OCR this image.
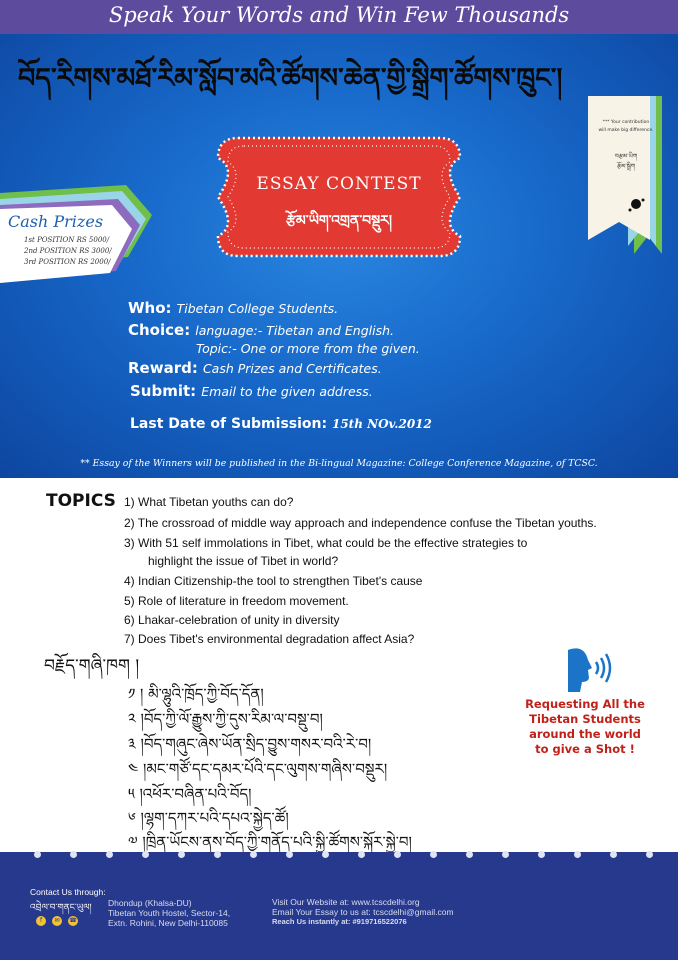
Speak Your Words and Win Few Thousands
བོད་རིགས་མཐོ་རིམ་སློབ་མའི་ཚོགས་ཆེན་གྱི་སྒྲིག་ཚོགས་ཁྲུང་།
*** Your contribution
will make big difference.
བརྩམ་ཡིག
རྩོམ་སྒྲིག
ESSAY CONTEST
རྩོམ་ཡིག་འགྲན་བསྡུར།
Cash Prizes
1st POSITION RS 5000/
2nd POSITION RS 3000/
3rd POSITION RS 2000/
Who: Tibetan College Students.
Choice: language:- Tibetan and English.
Topic:- One or more from the given.
Reward: Cash Prizes and Certificates.
Submit: Email to the given address.
Last Date of Submission: 15th NOv.2012
** Essay of the Winners will be published in the Bi-lingual Magazine: College Conference Magazine, of TCSC.
TOPICS 1) What Tibetan youths can do?
2) The crossroad of middle way approach and independence confuse the Tibetan youths.
3) With 51 self immolations in Tibet, what could be the effective strategies to
highlight the issue of Tibet in world?
4) Indian Citizenship-the tool to strengthen Tibet's cause
5) Role of literature in freedom movement.
6) Lhakar-celebration of unity in diversity
7) Does Tibet's environmental degradation affect Asia?
བརྗོད་གཞི་ཁག །
༡ ། མི་ལྷུའི་ཁྲོད་ཀྱི་བོད་དོན།
༢ །བོད་ཀྱི་ལོ་རྒྱུས་ཀྱི་དུས་རིམ་ལ་བསྡུ་བ།
༣ །བོད་གཞུང་ཞེས་ཡོན་སྲིད་བྱུས་གསར་བའི་རེ་བ།
༤ །མང་གཙོ་དང་དམར་པོའི་དང་ལུགས་གཞིས་བསྡུར།
༥ །འཕོར་བཞིན་པའི་བོད།
༦ །ལྷག་དཀར་པའི་དཔའ་སྐྱེད་ཚོ།
༧ །ཁྲིན་ཡོངས་ནས་བོད་ཀྱི་གནོད་པའི་སྐྱི་ཚོགས་སྐོར་སྐྱེ་བ།
Requesting All the
Tibetan Students
around the world
to give a Shot !
Contact Us through:
འབྲེལ་བ་གནང་ཡུལ།
f	✉	☎
Dhondup (Khalsa-DU)
Tibetan Youth Hostel, Sector-14,
Extn. Rohini, New Delhi-110085
Visit Our Website at: www.tcscdelhi.org
Email Your Essay to us at: tcscdelhi@gmail.com
Reach Us instantly at: #919716522076
